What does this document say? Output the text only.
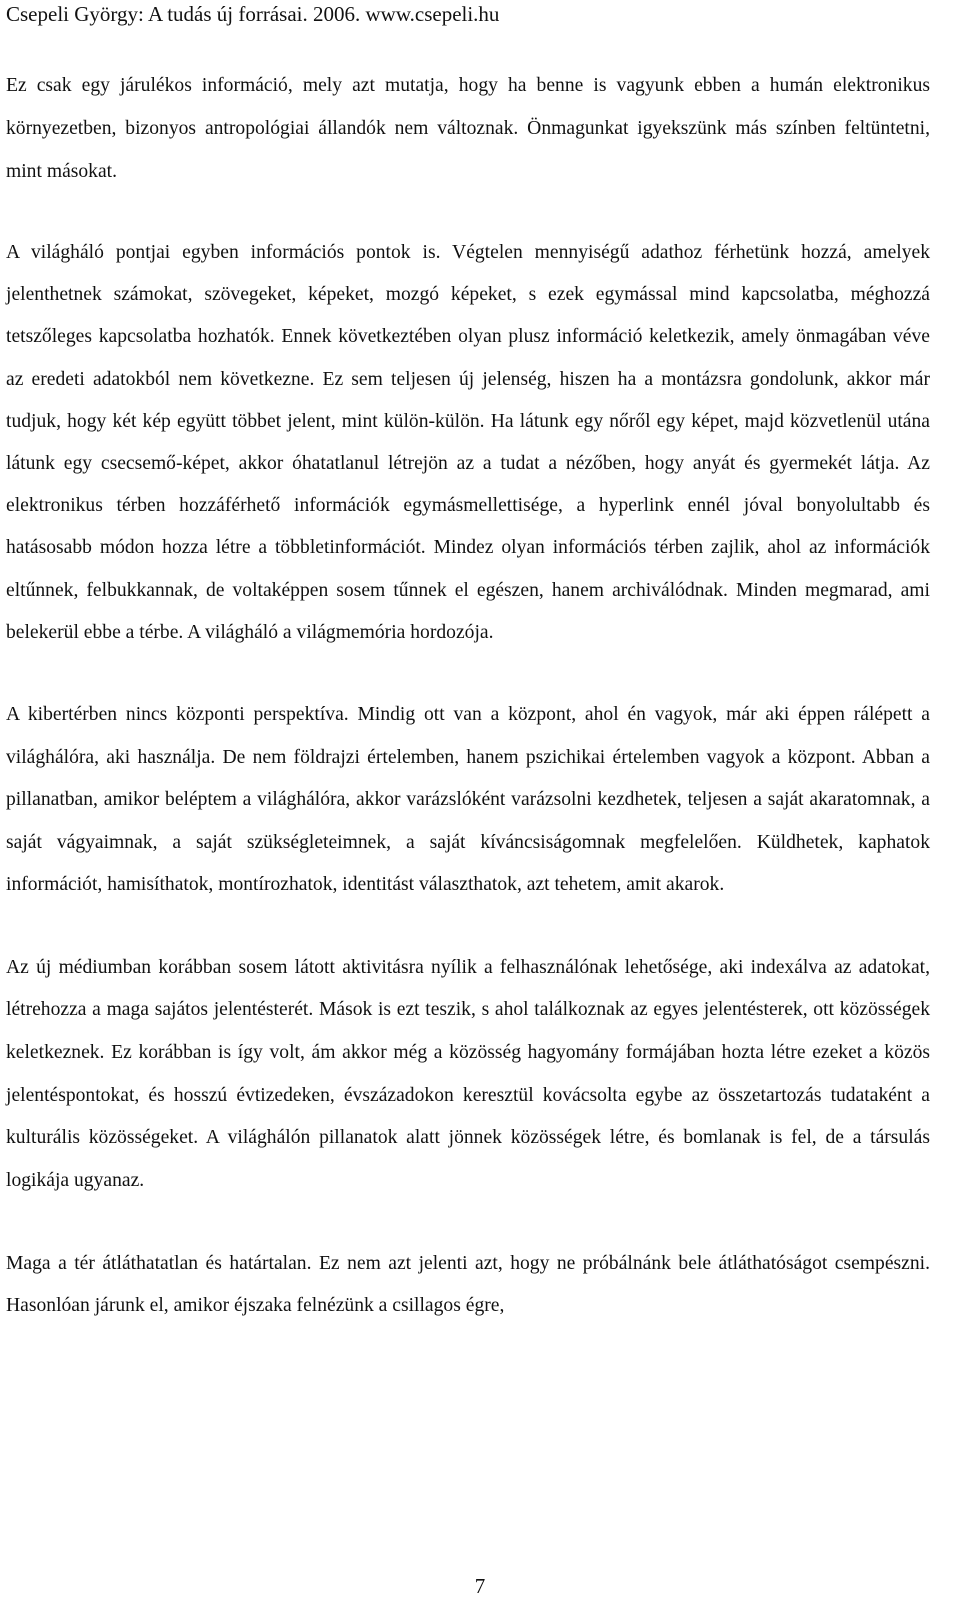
Csepeli György: A tudás új forrásai. 2006. www.csepeli.hu

Ez csak egy járulékos információ, mely azt mutatja, hogy ha benne is vagyunk ebben a humán elektronikus környezetben, bizonyos antropológiai állandók nem változnak. Önmagunkat igyekszünk más színben feltüntetni, mint másokat.

A világháló pontjai egyben információs pontok is. Végtelen mennyiségű adathoz férhetünk hozzá, amelyek jelenthetnek számokat, szövegeket, képeket, mozgó képeket, s ezek egymással mind kapcsolatba, méghozzá tetszőleges kapcsolatba hozhatók. Ennek következtében olyan plusz információ keletkezik, amely önmagában véve az eredeti adatokból nem következne. Ez sem teljesen új jelenség, hiszen ha a montázsra gondolunk, akkor már tudjuk, hogy két kép együtt többet jelent, mint külön-külön. Ha látunk egy nőről egy képet, majd közvetlenül utána látunk egy csecsemő-képet, akkor óhatatlanul létrejön az a tudat a nézőben, hogy anyát és gyermekét látja. Az elektronikus térben hozzáférhető információk egymásmellettisége, a hyperlink ennél jóval bonyolultabb és hatásosabb módon hozza létre a többletinformációt. Mindez olyan információs térben zajlik, ahol az információk eltűnnek, felbukkannak, de voltaképpen sosem tűnnek el egészen, hanem archiválódnak. Minden megmarad, ami belekerül ebbe a térbe. A világháló a világmemória hordozója.

A kibertérben nincs központi perspektíva. Mindig ott van a központ, ahol én vagyok, már aki éppen rálépett a világhálóra, aki használja. De nem földrajzi értelemben, hanem pszichikai értelemben vagyok a központ. Abban a pillanatban, amikor beléptem a világhálóra, akkor varázslóként varázsolni kezdhetek, teljesen a saját akaratomnak, a saját vágyaimnak, a saját szükségleteimnek, a saját kíváncsiságomnak megfelelően. Küldhetek, kaphatok információt, hamisíthatok, montírozhatok, identitást választhatok, azt tehetem, amit akarok.

Az új médiumban korábban sosem látott aktivitásra nyílik a felhasználónak lehetősége, aki indexálva az adatokat, létrehozza a maga sajátos jelentésterét. Mások is ezt teszik, s ahol találkoznak az egyes jelentésterek, ott közösségek keletkeznek. Ez korábban is így volt, ám akkor még a közösség hagyomány formájában hozta létre ezeket a közös jelentéspontokat, és hosszú évtizedeken, évszázadokon keresztül kovácsolta egybe az összetartozás tudataként a kulturális közösségeket. A világhálón pillanatok alatt jönnek közösségek létre, és bomlanak is fel, de a társulás logikája ugyanaz.

Maga a tér átláthatatlan és határtalan. Ez nem azt jelenti azt, hogy ne próbálnánk bele átláthatóságot csempészni. Hasonlóan járunk el, amikor éjszaka felnézünk a csillagos égre,

7
